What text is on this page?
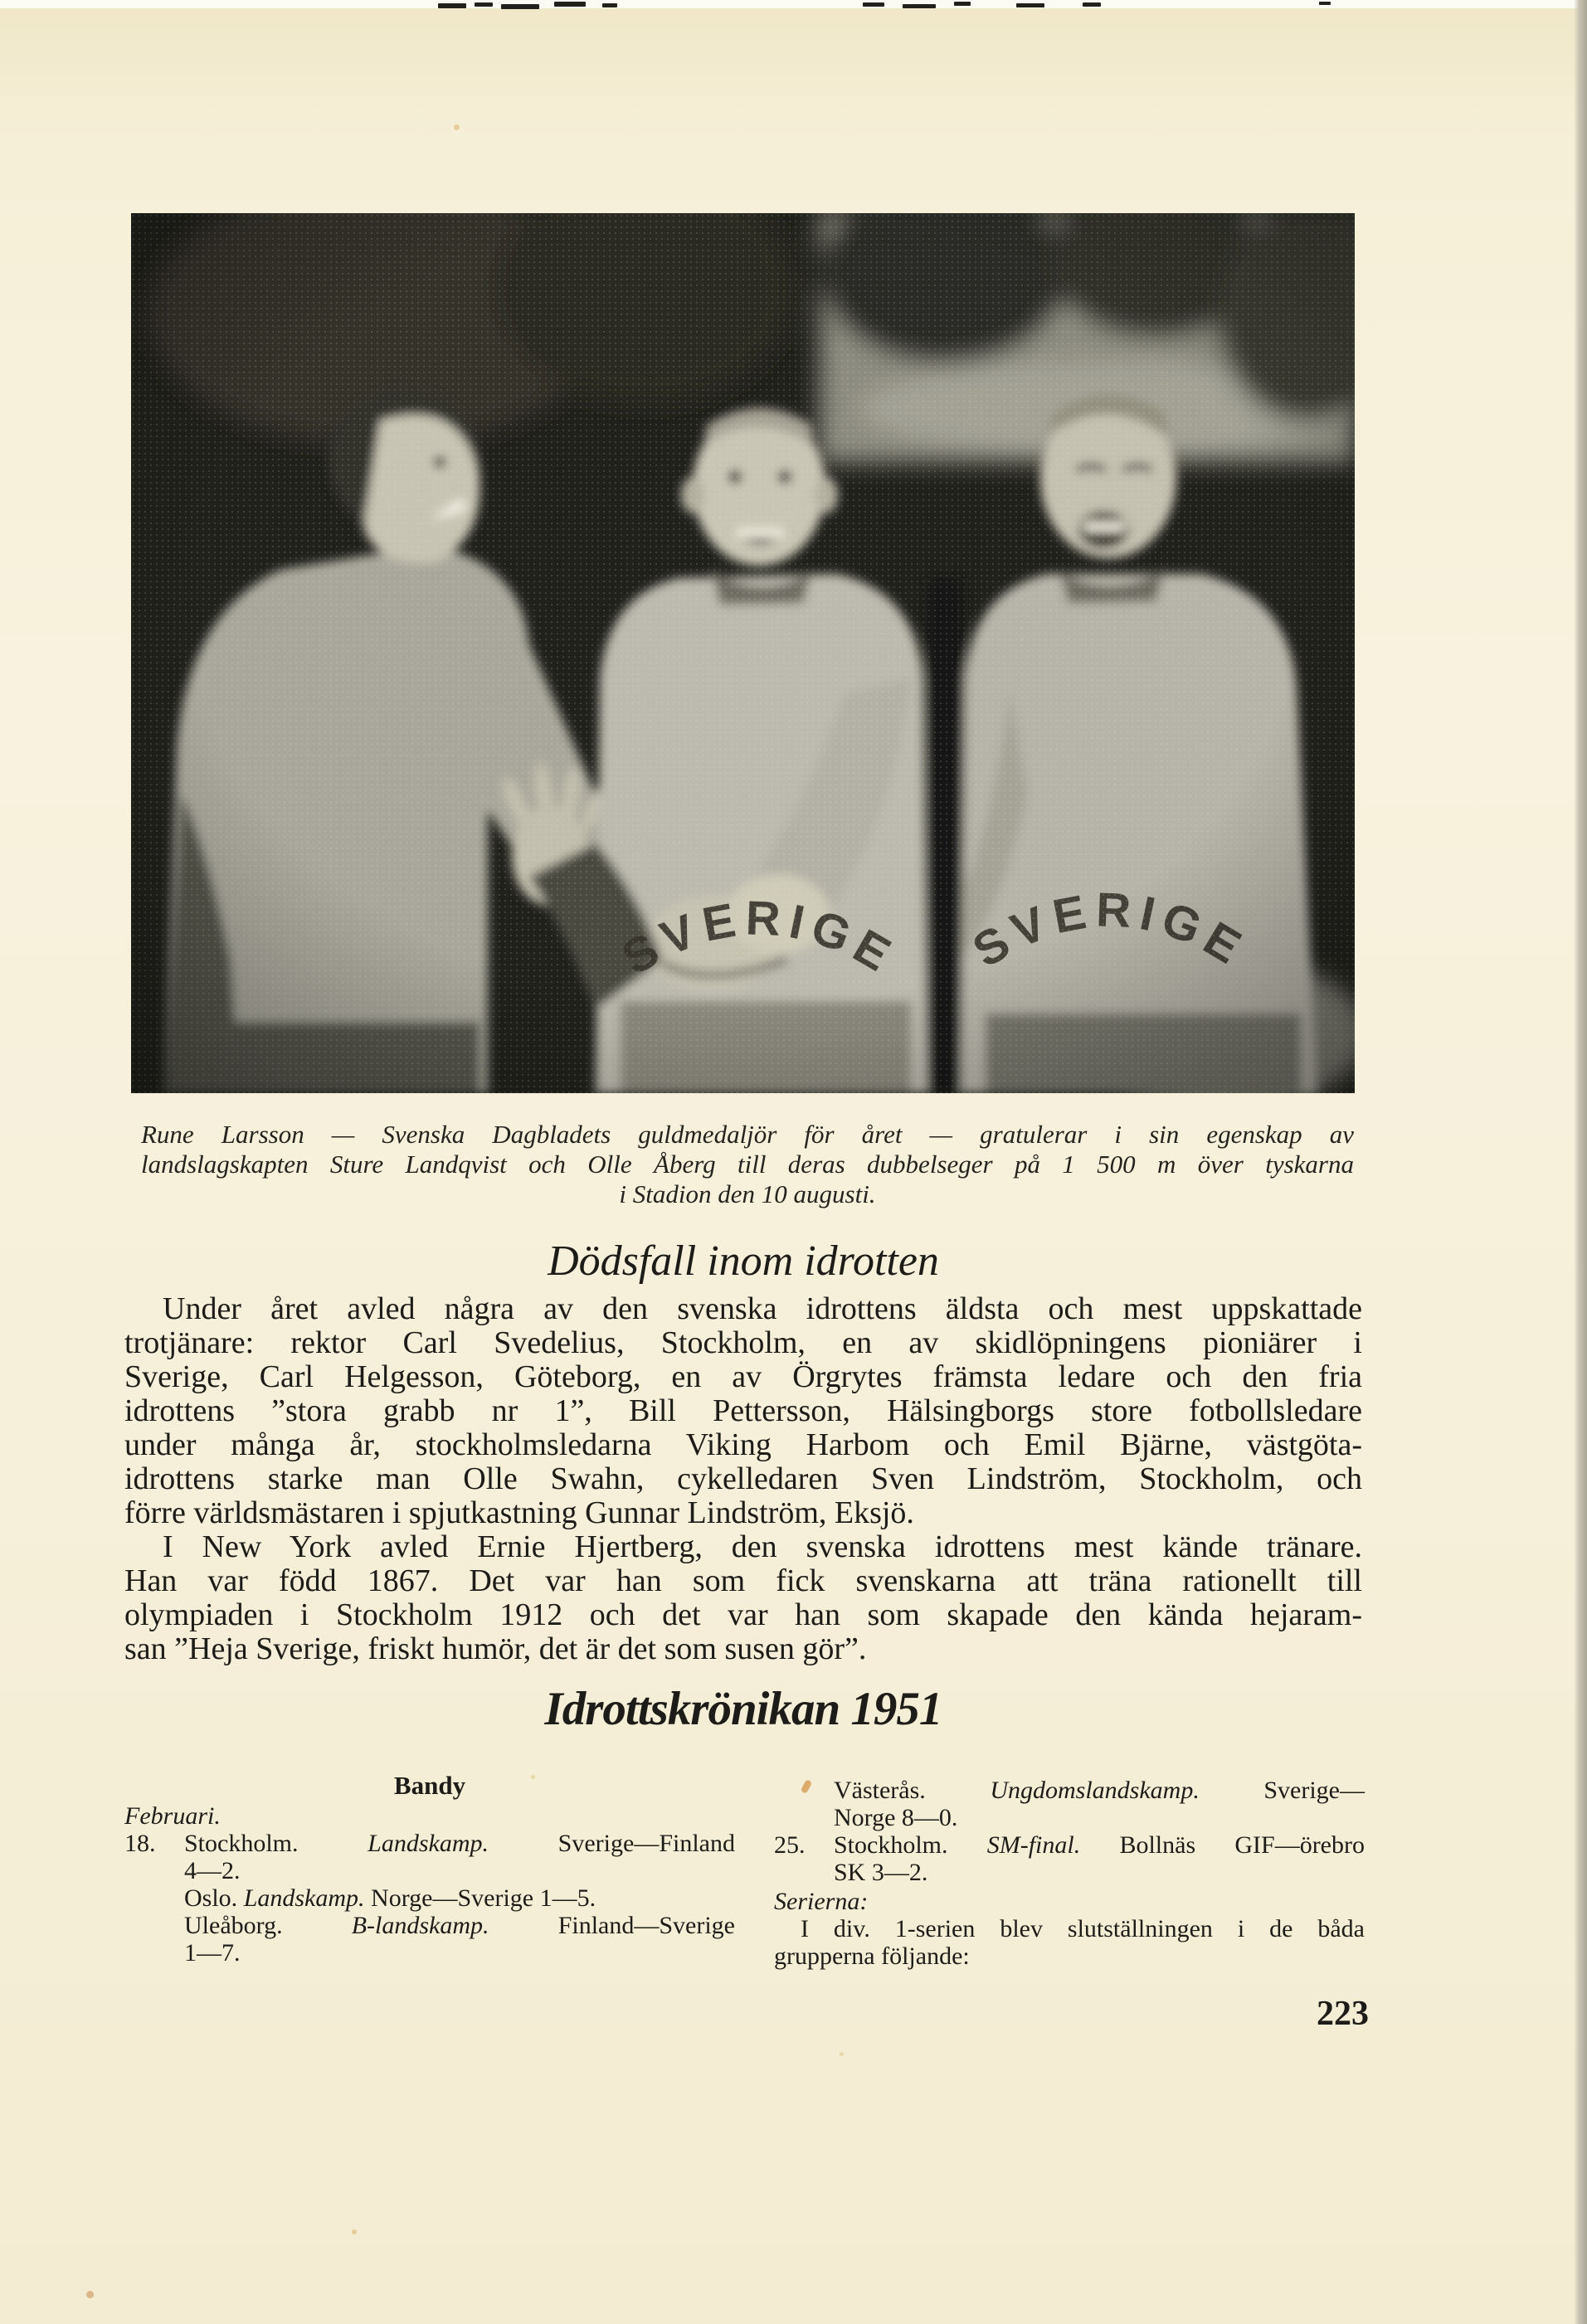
Rune Larsson — Svenska Dagbladets guldmedaljör för året — gratulerar i sin egenskap av
landslagskapten Sture Landqvist och Olle Åberg till deras dubbelseger på 1 500 m över tyskarna
i Stadion den 10 augusti.
Dödsfall inom idrotten
Under året avled några av den svenska idrottens äldsta och mest uppskattade
trotjänare: rektor Carl Svedelius, Stockholm, en av skidlöpningens pioniärer i
Sverige, Carl Helgesson, Göteborg, en av Örgrytes främsta ledare och den fria
idrottens ”stora grabb nr 1”, Bill Pettersson, Hälsingborgs store fotbollsledare
under många år, stockholmsledarna Viking Harbom och Emil Bjärne, västgöta-
idrottens starke man Olle Swahn, cykelledaren Sven Lindström, Stockholm, och
förre världsmästaren i spjutkastning Gunnar Lindström, Eksjö.
I New York avled Ernie Hjertberg, den svenska idrottens mest kände tränare.
Han var född 1867. Det var han som fick svenskarna att träna rationellt till
olympiaden i Stockholm 1912 och det var han som skapade den kända hejaram-
san ”Heja Sverige, friskt humör, det är det som susen gör”.
Idrottskrönikan 1951
Bandy
Februari.
18. Stockholm. Landskamp. Sverige—Finland
4—2.
Oslo. Landskamp. Norge—Sverige 1—5.
Uleåborg. B-landskamp. Finland—Sverige
1—7.
Västerås. Ungdomslandskamp. Sverige—
Norge 8—0.
25. Stockholm. SM-final. Bollnäs GIF—örebro
SK 3—2.
Serierna:
I div. 1-serien blev slutställningen i de båda
grupperna följande:
223
